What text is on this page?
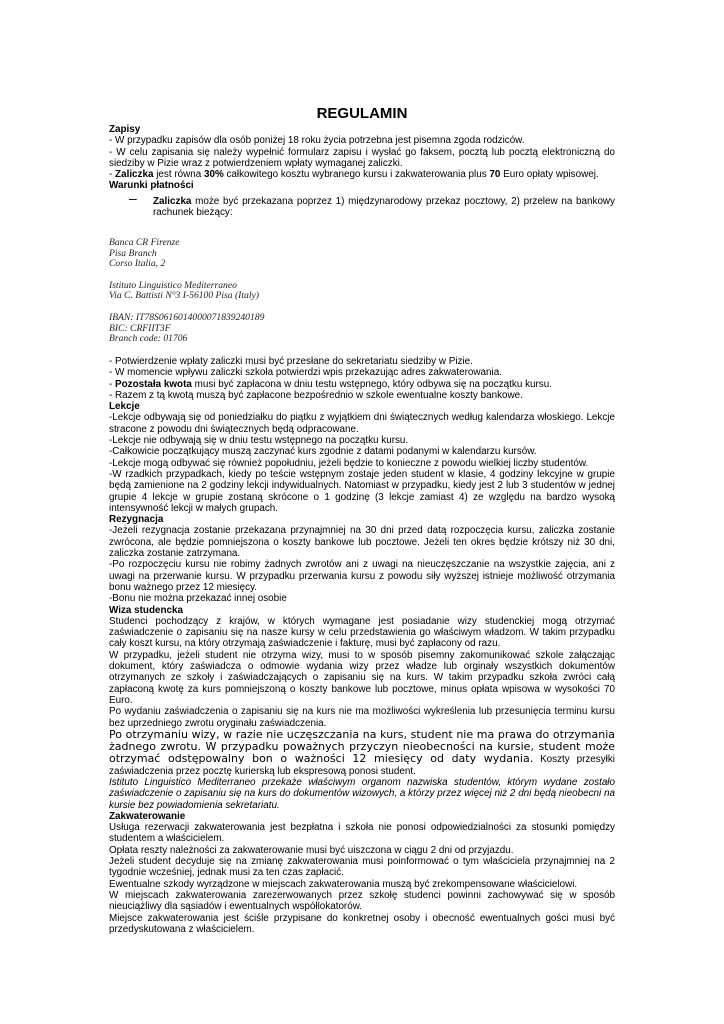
REGULAMIN

Zapisy

- W przypadku zapisów dla osób poniżej 18 roku życia potrzebna jest pisemna zgoda rodziców.

- W celu zapisania się należy wypełnić formularz zapisu i wysłać go faksem, pocztą lub pocztą elektroniczną do siedziby w Pizie wraz z potwierdzeniem wpłaty wymaganej zaliczki.

- Zaliczka jest równa 30% całkowitego kosztu wybranego kursu i zakwaterowania plus 70 Euro opłaty wpisowej.

Warunki płatności

– Zaliczka może być przekazana poprzez 1) międzynarodowy przekaz pocztowy, 2) przelew na bankowy rachunek bieżący:

Banca CR Firenze

Pisa Branch

Corso Italia, 2

Istituto Linguistico Mediterraneo

Via C. Battisti N°3 I-56100 Pisa (Italy)

IBAN: IT78S0616014000071839240189

BIC: CRFIIT3F

Branch code: 01706

- Potwierdzenie wpłaty zaliczki musi być przesłane do sekretariatu siedziby w Pizie.

- W momencie wpływu zaliczki szkoła potwierdzi wpis przekazując adres zakwaterowania.

- Pozostała kwota musi być zapłacona w dniu testu wstępnego, który odbywa się na początku kursu.

- Razem z tą kwotą muszą być zapłacone bezpośrednio w szkole ewentualne koszty bankowe.

Lekcje

-Lekcje odbywają się od poniedziałku do piątku z wyjątkiem dni świątecznych według kalendarza włoskiego. Lekcje stracone z powodu dni świątecznych będą odpracowane.

-Lekcje nie odbywają się w dniu testu wstępnego na początku kursu.

-Całkowicie początkujący muszą zaczynać kurs zgodnie z datami podanymi w kalendarzu kursów.

-Lekcje mogą odbywać się również popołudniu, jeżeli będzie to konieczne z powodu wielkiej liczby studentów.

-W rzadkich przypadkach, kiedy po teście wstępnym zostaje jeden student w klasie, 4 godziny lekcyjne w grupie będą zamienione na 2 godziny lekcji indywidualnych. Natomiast w przypadku, kiedy jest 2 lub 3 studentów w jednej grupie 4 lekcje w grupie zostaną skrócone o 1 godzinę (3 lekcje zamiast 4) ze względu na bardzo wysoką intensywność lekcji w małych grupach.

Rezygnacja

-Jeżeli rezygnacja zostanie przekazana przynajmniej na 30 dni przed datą rozpoczęcia kursu, zaliczka zostanie zwrócona, ale będzie pomniejszona o koszty bankowe lub pocztowe. Jeżeli ten okres będzie krótszy niż 30 dni, zaliczka zostanie zatrzymana.

-Po rozpoczęciu kursu nie robimy żadnych zwrotów ani z uwagi na nieuczęszczanie na wszystkie zajęcia, ani z uwagi na przerwanie kursu. W przypadku przerwania kursu z powodu siły wyższej istnieje możliwość otrzymania bonu ważnego przez 12 miesięcy.

-Bonu nie można przekazać innej osobie

Wiza studencka

Studenci pochodzący z krajów, w których wymagane jest posiadanie wizy studenckiej mogą otrzymać zaświadczenie o zapisaniu się na nasze kursy w celu przedstawienia go właściwym władzom. W takim przypadku cały koszt kursu, na który otrzymają zaświadczenie i fakturę, musi być zapłacony od razu.

W przypadku, jeżeli student nie otrzyma wizy, musi to w sposób pisemny zakomunikować szkole załączając dokument, który zaświadcza o odmowie wydania wizy przez władze lub orginały wszystkich dokumentów otrzymanych ze szkoły i zaświadczających o zapisaniu się na kurs. W takim przypadku szkoła zwróci całą zapłaconą kwotę za kurs pomniejszoną o koszty bankowe lub pocztowe, minus opłata wpisowa w wysokości 70 Euro.

Po wydaniu zaświadczenia o zapisaniu się na kurs nie ma możliwości wykreślenia lub przesunięcia terminu kursu bez uprzedniego zwrotu oryginału zaświadczenia.

Po otrzymaniu wizy, w razie nie uczęszczania na kurs, student nie ma prawa do otrzymania żadnego zwrotu. W przypadku poważnych przyczyn nieobecności na kursie, student może otrzymać odstępowalny bon o ważności 12 miesięcy od daty wydania. Koszty przesyłki zaświadczenia przez pocztę kurierską lub ekspresową ponosi student.

Istituto Linguistico Mediterraneo przekaże właściwym organom nazwiska studentów, którym wydane zostało zaświadczenie o zapisaniu się na kurs do dokumentów wizowych, a którzy przez więcej niż 2 dni będą nieobecni na kursie bez powiadomienia sekretariatu.

Zakwaterowanie

Usługa rezerwacji zakwaterowania jest bezpłatna i szkoła nie ponosi odpowiedzialności za stosunki pomiędzy studentem a właścicielem.

Opłata reszty należności za zakwaterowanie musi być uiszczona w ciągu 2 dni od przyjazdu.

Jeżeli student decyduje się na zmianę zakwaterowania musi poinformować o tym właściciela przynajmniej na 2 tygodnie wcześniej, jednak musi za ten czas zapłacić.

Ewentualne szkody wyrządzone w miejscach zakwaterowania muszą być zrekompensowane właścicielowi.

W miejscach zakwaterowania zarezerwowanych przez szkołę studenci powinni zachowywać się w sposób nieuciążliwy dla sąsiadów i ewentualnych współlokatorów.

Miejsce zakwaterowania jest ściśle przypisane do konkretnej osoby i obecność ewentualnych gości musi być przedyskutowana z właścicielem.
